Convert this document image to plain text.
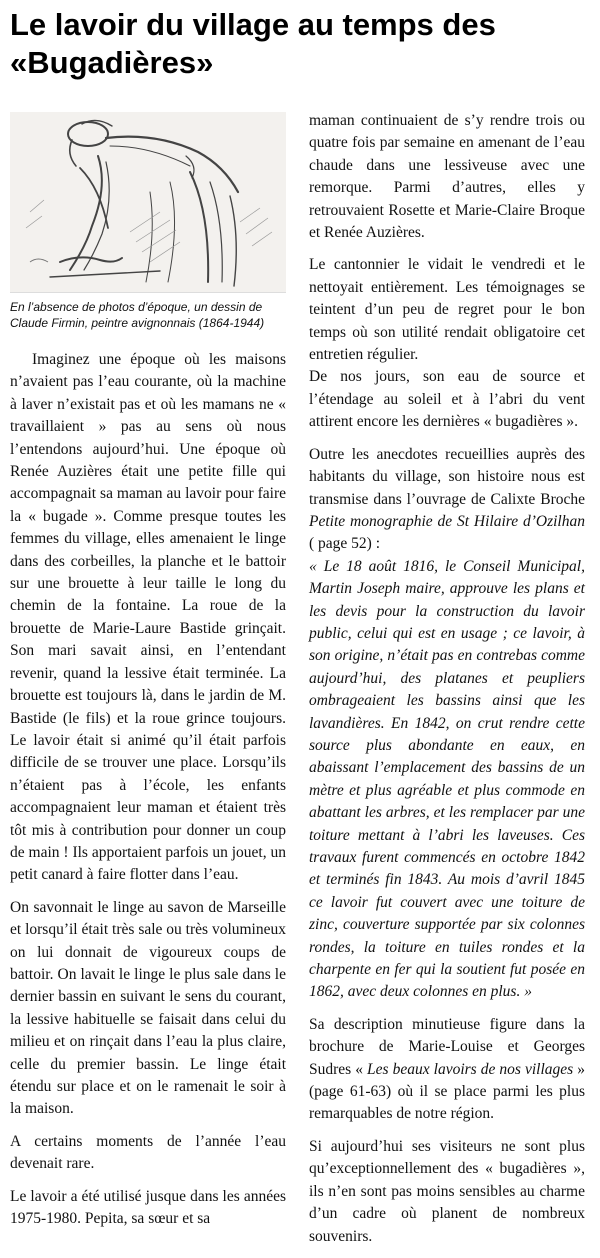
Le lavoir du village au temps des «Bugadières»
En l’absence de photos d’époque, un dessin de Claude Firmin, peintre avignonnais (1864-1944)

Imaginez une époque où les maisons n’avaient pas l’eau courante, où la machine à laver n’existait pas et où les mamans ne « travaillaient » pas au sens où nous l’entendons aujourd’hui. Une époque où Renée Auzières était une petite fille qui accompagnait sa maman au lavoir pour faire la « bugade ». Comme presque toutes les femmes du village, elles amenaient le linge dans des corbeilles, la planche et le battoir sur une brouette à leur taille le long du chemin de la fontaine. La roue de la brouette de Marie-Laure Bastide grinçait. Son mari savait ainsi, en l’entendant revenir, quand la lessive était terminée. La brouette est toujours là, dans le jardin de M. Bastide (le fils) et la roue grince toujours. Le lavoir était si animé qu’il était parfois difficile de se trouver une place. Lorsqu’ils n’étaient pas à l’école, les enfants accompagnaient leur maman et étaient très tôt mis à contribution pour donner un coup de main ! Ils apportaient parfois un jouet, un petit canard à faire flotter dans l’eau.

On savonnait le linge au savon de Marseille et lorsqu’il était très sale ou très volumineux on lui donnait de vigoureux coups de battoir. On lavait le linge le plus sale dans le dernier bassin en suivant le sens du courant, la lessive habituelle se faisait dans celui du milieu et on rinçait dans l’eau la plus claire, celle du premier bassin. Le linge était étendu sur place et on le ramenait le soir à la maison.

A certains moments de l’année l’eau devenait rare.

Le lavoir a été utilisé jusque dans les années 1975-1980. Pepita, sa sœur et sa

maman continuaient de s’y rendre trois ou quatre fois par semaine en amenant de l’eau chaude dans une lessiveuse avec une remorque. Parmi d’autres, elles y retrouvaient Rosette et Marie-Claire Broque et Renée Auzières.

Le cantonnier le vidait le vendredi et le nettoyait entièrement. Les témoignages se teintent d’un peu de regret pour le bon temps où son utilité rendait obligatoire cet entretien régulier.

De nos jours, son eau de source et l’étendage au soleil et à l’abri du vent attirent encore les dernières « bugadières ».

Outre les anecdotes recueillies auprès des habitants du village, son histoire nous est transmise dans l’ouvrage de Calixte Broche Petite monographie de St Hilaire d’Ozilhan ( page 52) :

« Le 18 août 1816, le Conseil Municipal, Martin Joseph maire, approuve les plans et les devis pour la construction du lavoir public, celui qui est en usage ; ce lavoir, à son origine, n’était pas en contrebas comme aujourd’hui, des platanes et peupliers ombrageaient les bassins ainsi que les lavandières. En 1842, on crut rendre cette source plus abondante en eaux, en abaissant l’emplacement des bassins de un mètre et plus agréable et plus commode en abattant les arbres, et les remplacer par une toiture mettant à l’abri les laveuses. Ces travaux furent commencés en octobre 1842 et terminés fin 1843. Au mois d’avril 1845 ce lavoir fut couvert avec une toiture de zinc, couverture supportée par six colonnes rondes, la toiture en tuiles rondes et la charpente en fer qui la soutient fut posée en 1862, avec deux colonnes en plus. »

Sa description minutieuse figure dans la brochure de Marie-Louise et Georges Sudres « Les beaux lavoirs de nos villages » (page 61-63) où il se place parmi les plus remarquables de notre région.

Si aujourd’hui ses visiteurs ne sont plus qu’exceptionnellement des « bugadières », ils n’en sont pas moins sensibles au charme d’un cadre où planent de nombreux souvenirs.
